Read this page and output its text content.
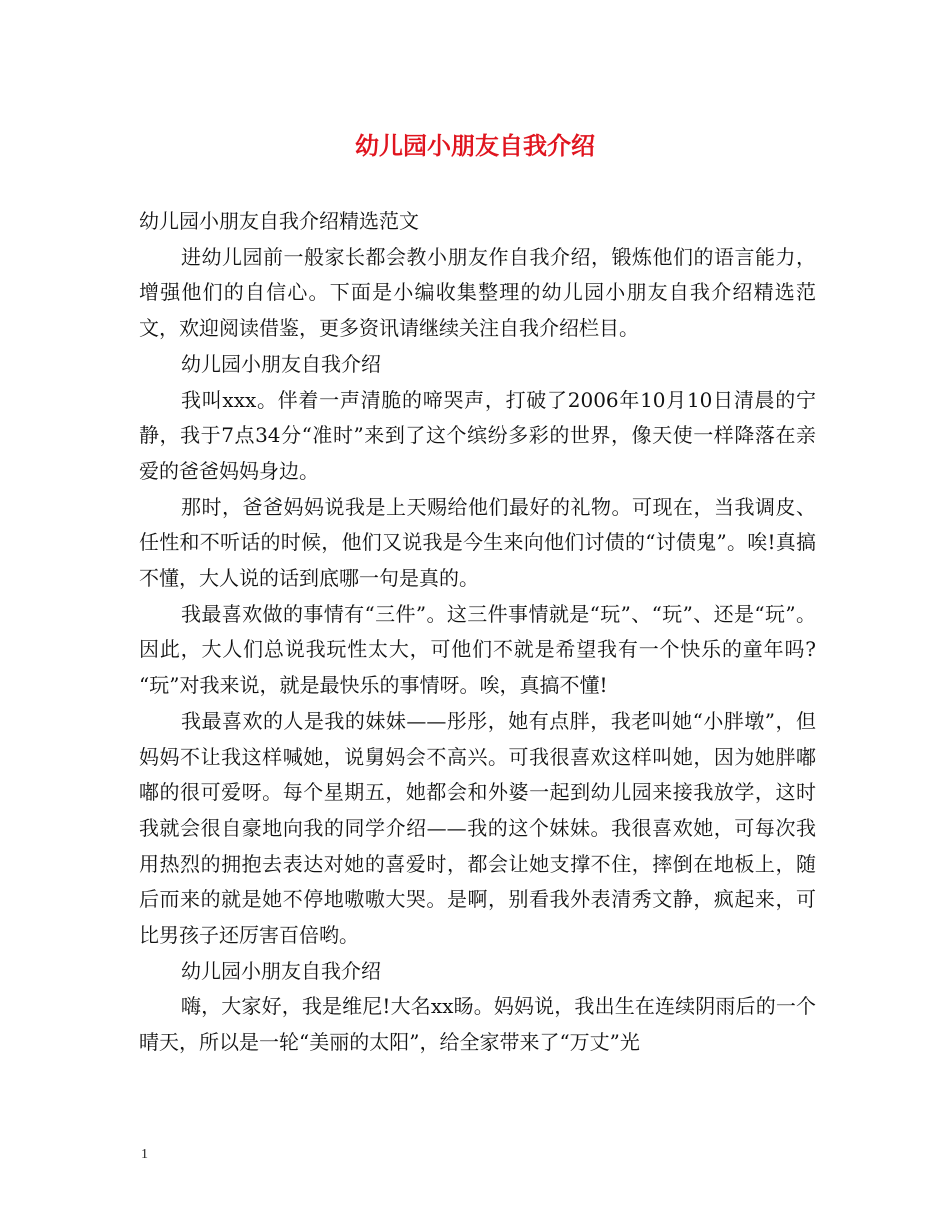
幼儿园小朋友自我介绍

幼儿园小朋友自我介绍精选范文

进幼儿园前一般家长都会教小朋友作自我介绍，锻炼他们的语言能力，增强他们的自信心。下面是小编收集整理的幼儿园小朋友自我介绍精选范文，欢迎阅读借鉴，更多资讯请继续关注自我介绍栏目。

幼儿园小朋友自我介绍

我叫xxx。伴着一声清脆的啼哭声，打破了2006年10月10日清晨的宁静，我于7点34分“准时”来到了这个缤纷多彩的世界，像天使一样降落在亲爱的爸爸妈妈身边。

那时，爸爸妈妈说我是上天赐给他们最好的礼物。可现在，当我调皮、任性和不听话的时候，他们又说我是今生来向他们讨债的“讨债鬼”。唉!真搞不懂，大人说的话到底哪一句是真的。

我最喜欢做的事情有“三件”。这三件事情就是“玩”、“玩”、还是“玩”。因此，大人们总说我玩性太大，可他们不就是希望我有一个快乐的童年吗? “玩”对我来说，就是最快乐的事情呀。唉，真搞不懂!

我最喜欢的人是我的妹妹——彤彤，她有点胖，我老叫她“小胖墩”，但妈妈不让我这样喊她，说舅妈会不高兴。可我很喜欢这样叫她，因为她胖嘟嘟的很可爱呀。每个星期五，她都会和外婆一起到幼儿园来接我放学，这时我就会很自豪地向我的同学介绍——我的这个妹妹。我很喜欢她，可每次我用热烈的拥抱去表达对她的喜爱时，都会让她支撑不住，摔倒在地板上，随后而来的就是她不停地嗷嗷大哭。是啊，别看我外表清秀文静，疯起来，可比男孩子还厉害百倍哟。

幼儿园小朋友自我介绍

嗨，大家好，我是维尼!大名xx旸。妈妈说，我出生在连续阴雨后的一个晴天，所以是一轮“美丽的太阳”，给全家带来了“万丈”光

1
